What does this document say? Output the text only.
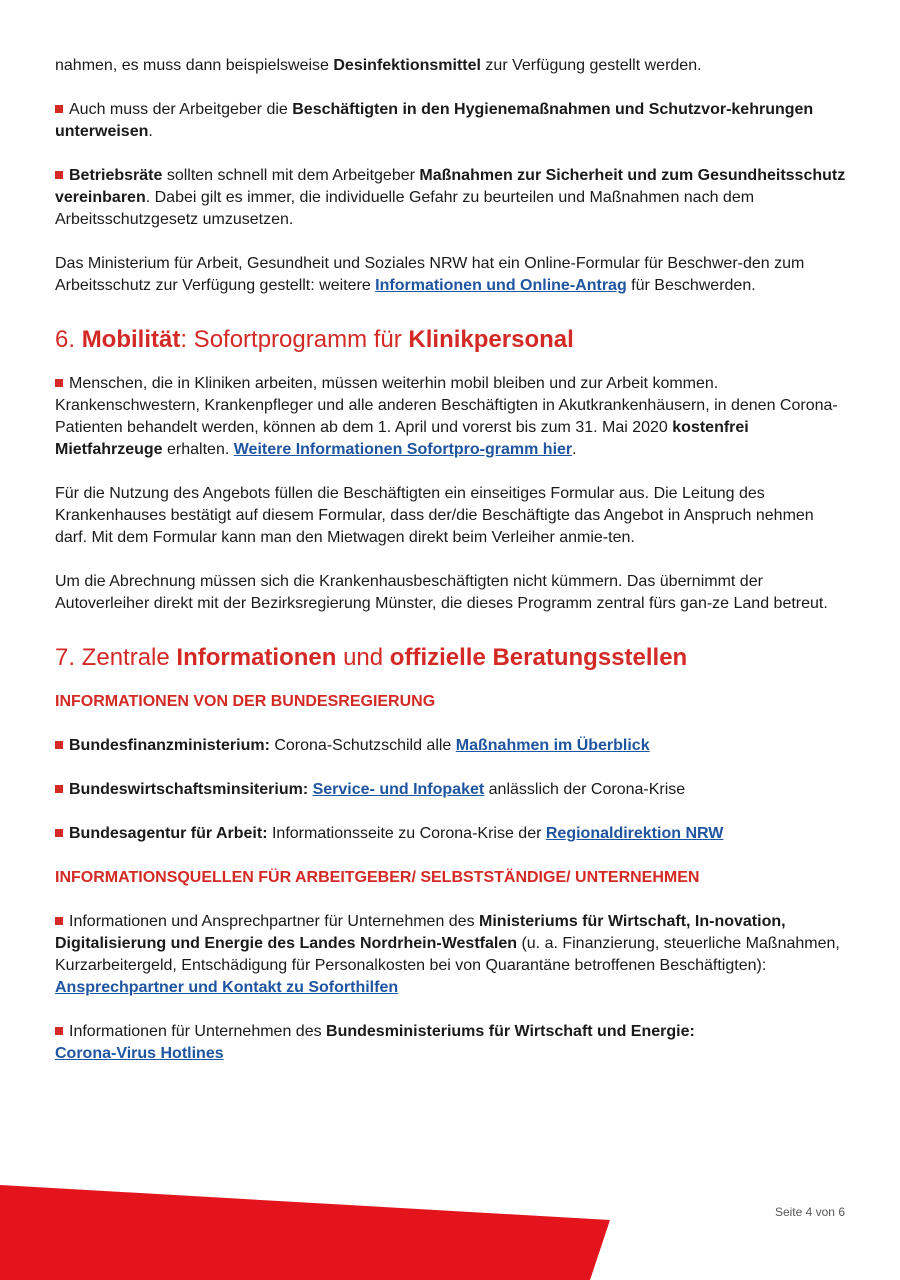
nahmen, es muss dann beispielsweise Desinfektionsmittel zur Verfügung gestellt werden.

Auch muss der Arbeitgeber die Beschäftigten in den Hygienemaßnahmen und Schutzvor-kehrungen unterweisen.

Betriebsräte sollten schnell mit dem Arbeitgeber Maßnahmen zur Sicherheit und zum Gesundheitsschutz vereinbaren. Dabei gilt es immer, die individuelle Gefahr zu beurteilen und Maßnahmen nach dem Arbeitsschutzgesetz umzusetzen.

Das Ministerium für Arbeit, Gesundheit und Soziales NRW hat ein Online-Formular für Beschwer-den zum Arbeitsschutz zur Verfügung gestellt: weitere Informationen und Online-Antrag für Beschwerden.

6. Mobilität: Sofortprogramm für Klinikpersonal

Menschen, die in Kliniken arbeiten, müssen weiterhin mobil bleiben und zur Arbeit kommen. Krankenschwestern, Krankenpfleger und alle anderen Beschäftigten in Akutkrankenhäusern, in denen Corona-Patienten behandelt werden, können ab dem 1. April und vorerst bis zum 31. Mai 2020 kostenfrei Mietfahrzeuge erhalten. Weitere Informationen Sofortpro-gramm hier.

Für die Nutzung des Angebots füllen die Beschäftigten ein einseitiges Formular aus. Die Leitung des Krankenhauses bestätigt auf diesem Formular, dass der/die Beschäftigte das Angebot in Anspruch nehmen darf. Mit dem Formular kann man den Mietwagen direkt beim Verleiher anmie-ten.

Um die Abrechnung müssen sich die Krankenhausbeschäftigten nicht kümmern. Das übernimmt der Autoverleiher direkt mit der Bezirksregierung Münster, die dieses Programm zentral fürs gan-ze Land betreut.

7. Zentrale Informationen und offizielle Beratungsstellen
INFORMATIONEN VON DER BUNDESREGIERUNG

Bundesfinanzministerium: Corona-Schutzschild alle Maßnahmen im Überblick

Bundeswirtschaftsminsiterium: Service- und Infopaket anlässlich der Corona-Krise

Bundesagentur für Arbeit: Informationsseite zu Corona-Krise der Regionaldirektion NRW

INFORMATIONSQUELLEN FÜR ARBEITGEBER/ SELBSTSTÄNDIGE/ UNTERNEHMEN

Informationen und Ansprechpartner für Unternehmen des Ministeriums für Wirtschaft, In-novation, Digitalisierung und Energie des Landes Nordrhein-Westfalen (u. a. Finanzierung, steuerliche Maßnahmen, Kurzarbeitergeld, Entschädigung für Personalkosten bei von Quarantäne betroffenen Beschäftigten): Ansprechpartner und Kontakt zu Soforthilfen

Informationen für Unternehmen des Bundesministeriums für Wirtschaft und Energie:
Corona-Virus Hotlines

Seite 4 von 6
